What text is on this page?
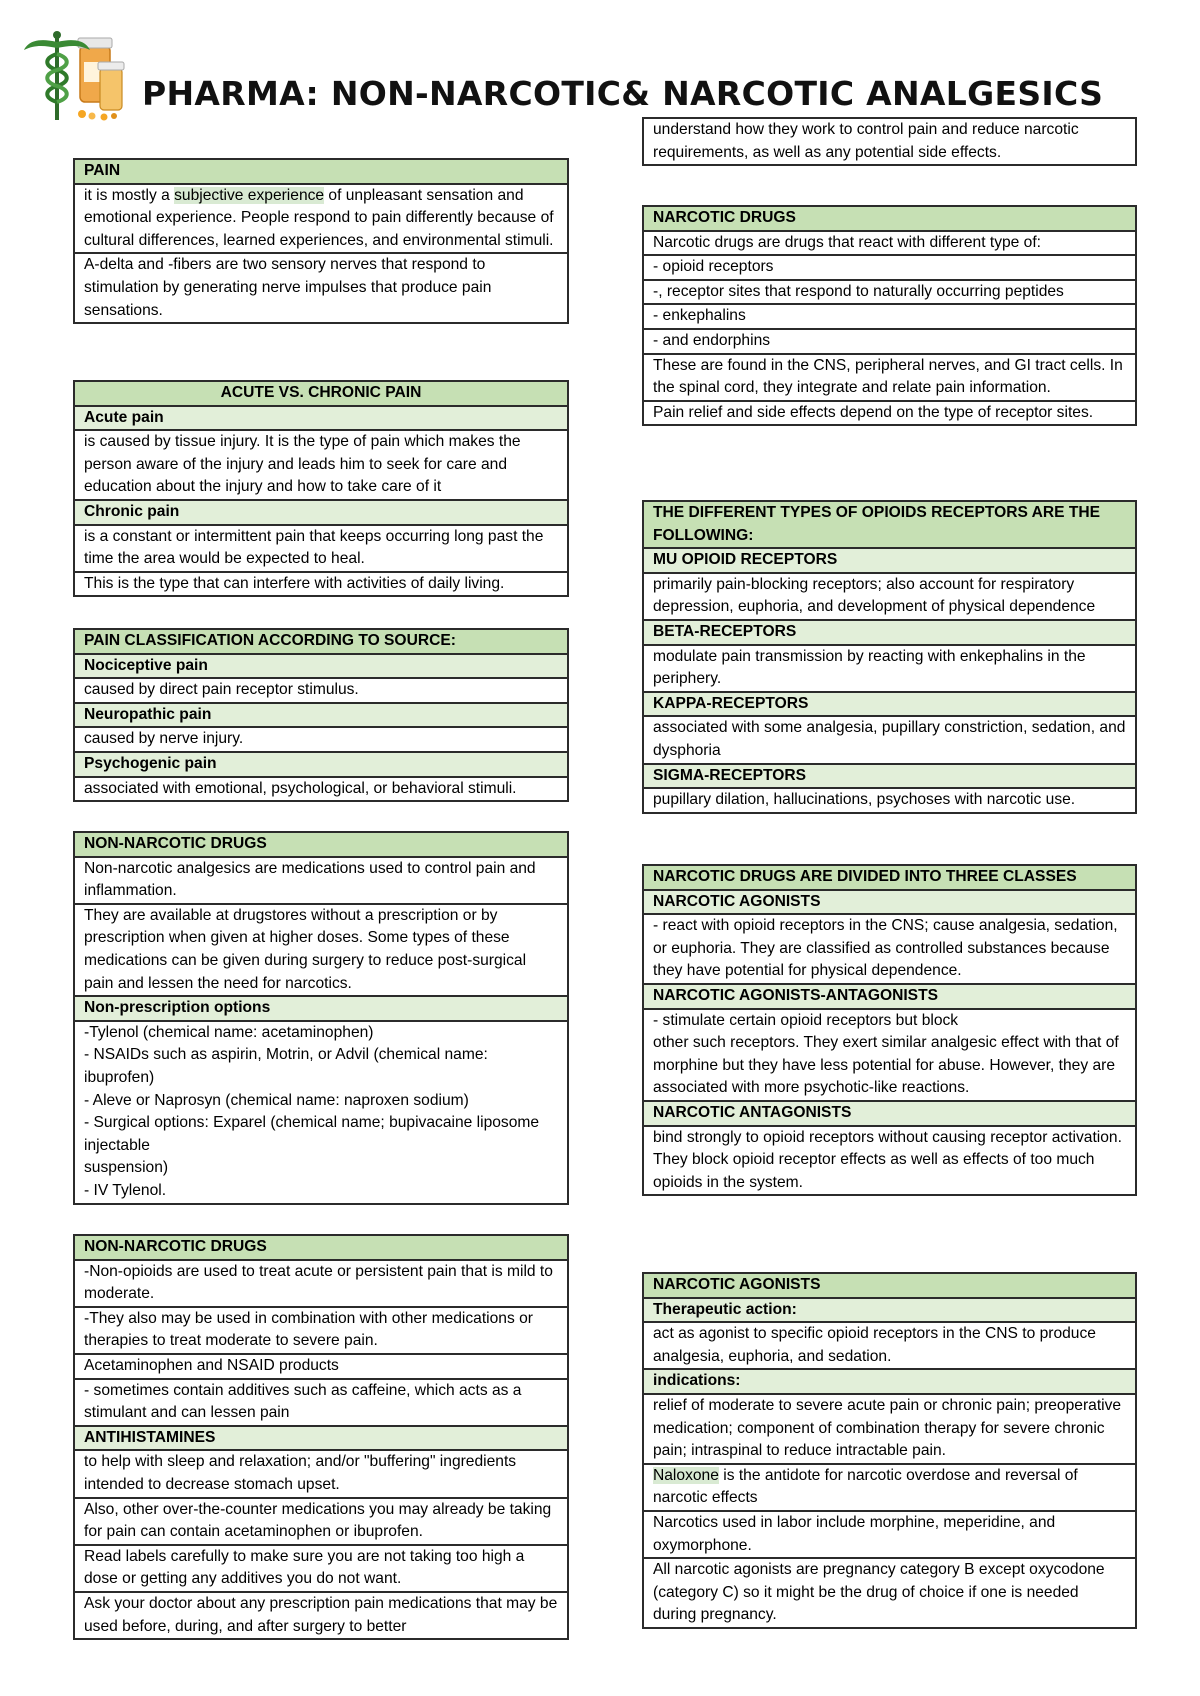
PHARMA: NON-NARCOTIC& NARCOTIC ANALGESICS
PAIN
it is mostly a subjective experience of unpleasant sensation and emotional experience. People respond to pain differently because of cultural differences, learned experiences, and environmental stimuli.
A-delta and -fibers are two sensory nerves that respond to stimulation by generating nerve impulses that produce pain sensations.
ACUTE VS. CHRONIC PAIN
Acute pain
is caused by tissue injury. It is the type of pain which makes the person aware of the injury and leads him to seek for care and education about the injury and how to take care of it
Chronic pain
is a constant or intermittent pain that keeps occurring long past the time the area would be expected to heal.
This is the type that can interfere with activities of daily living.
PAIN CLASSIFICATION ACCORDING TO SOURCE:
Nociceptive pain
caused by direct pain receptor stimulus.
Neuropathic pain
caused by nerve injury.
Psychogenic pain
associated with emotional, psychological, or behavioral stimuli.
NON-NARCOTIC DRUGS
Non-narcotic analgesics are medications used to control pain and inflammation.
They are available at drugstores without a prescription or by prescription when given at higher doses. Some types of these medications can be given during surgery to reduce post-surgical pain and lessen the need for narcotics.
Non-prescription options
-Tylenol (chemical name: acetaminophen)
- NSAIDs such as aspirin, Motrin, or Advil (chemical name: ibuprofen)
- Aleve or Naprosyn (chemical name: naproxen sodium)
- Surgical options: Exparel (chemical name; bupivacaine liposome injectable
suspension)
- IV Tylenol.
NON-NARCOTIC DRUGS
-Non-opioids are used to treat acute or persistent pain that is mild to moderate.
-They also may be used in combination with other medications or therapies to treat moderate to severe pain.
Acetaminophen and NSAID products
- sometimes contain additives such as caffeine, which acts as a stimulant and can lessen pain
ANTIHISTAMINES
to help with sleep and relaxation; and/or "buffering" ingredients intended to decrease stomach upset.
Also, other over-the-counter medications you may already be taking for pain can contain acetaminophen or ibuprofen.
Read labels carefully to make sure you are not taking too high a dose or getting any additives you do not want.
Ask your doctor about any prescription pain medications that may be used before, during, and after surgery to better
understand how they work to control pain and reduce narcotic requirements, as well as any potential side effects.
NARCOTIC DRUGS
Narcotic drugs are drugs that react with different type of:
- opioid receptors
-, receptor sites that respond to naturally occurring peptides
- enkephalins
- and endorphins
These are found in the CNS, peripheral nerves, and GI tract cells. In the spinal cord, they integrate and relate pain information.
Pain relief and side effects depend on the type of receptor sites.
THE DIFFERENT TYPES OF OPIOIDS RECEPTORS ARE THE FOLLOWING:
MU OPIOID RECEPTORS
primarily pain-blocking receptors; also account for respiratory depression, euphoria, and development of physical dependence
BETA-RECEPTORS
modulate pain transmission by reacting with enkephalins in the periphery.
KAPPA-RECEPTORS
associated with some analgesia, pupillary constriction, sedation, and dysphoria
SIGMA-RECEPTORS
pupillary dilation, hallucinations, psychoses with narcotic use.
NARCOTIC DRUGS ARE DIVIDED INTO THREE CLASSES
NARCOTIC AGONISTS
- react with opioid receptors in the CNS; cause analgesia, sedation, or euphoria. They are classified as controlled substances because they have potential for physical dependence.
NARCOTIC AGONISTS-ANTAGONISTS
- stimulate certain opioid receptors but block
other such receptors. They exert similar analgesic effect with that of morphine but they have less potential for abuse. However, they are associated with more psychotic-like reactions.
NARCOTIC ANTAGONISTS
bind strongly to opioid receptors without causing receptor activation. They block opioid receptor effects as well as effects of too much opioids in the system.
NARCOTIC AGONISTS
Therapeutic action:
act as agonist to specific opioid receptors in the CNS to produce analgesia, euphoria, and sedation.
indications:
relief of moderate to severe acute pain or chronic pain; preoperative medication; component of combination therapy for severe chronic pain; intraspinal to reduce intractable pain.
Naloxone is the antidote for narcotic overdose and reversal of narcotic effects
Narcotics used in labor include morphine, meperidine, and oxymorphone.
All narcotic agonists are pregnancy category B except oxycodone (category C) so it might be the drug of choice if one is needed during pregnancy.
